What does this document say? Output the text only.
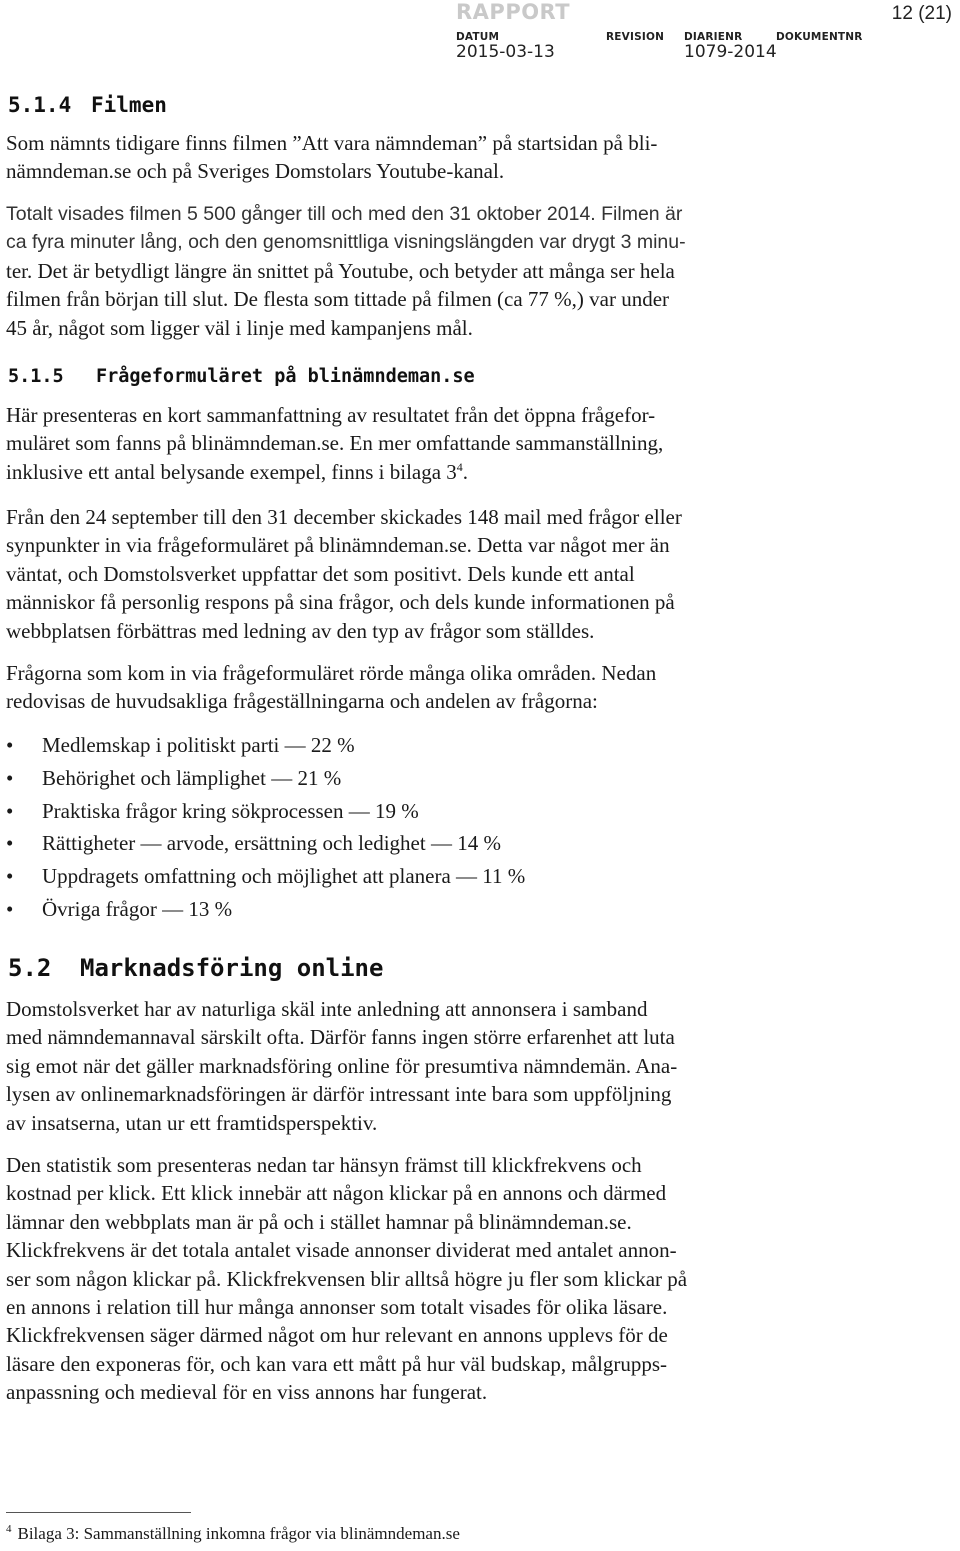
RAPPORT	12 (21)
DATUM	REVISION DIARIENR	DOKUMENTNR
2015-03-13	1079-2014
5.1.4 Filmen
Som nämnts tidigare finns filmen ”Att vara nämndeman” på startsidan på bli-
nämndeman.se och på Sveriges Domstolars Youtube-kanal.
Totalt visades filmen 5 500 gånger till och med den 31 oktober 2014. Filmen är
ca fyra minuter lång, och den genomsnittliga visningslängden var drygt 3 minu-
ter. Det är betydligt längre än snittet på Youtube, och betyder att många ser hela
filmen från början till slut. De flesta som tittade på filmen (ca 77 %,) var under
45 år, något som ligger väl i linje med kampanjens mål.
5.1.5 Frågeformuläret på blinämndeman.se
Här presenteras en kort sammanfattning av resultatet från det öppna frågefor-
muläret som fanns på blinämndeman.se. En mer omfattande sammanställning,
inklusive ett antal belysande exempel, finns i bilaga $3^4$.
Från den 24 september till den 31 december skickades 148 mail med frågor eller
synpunkter in via frågeformuläret på blinämndeman.se. Detta var något mer än
väntat, och Domstolsverket uppfattar det som positivt. Dels kunde ett antal
människor få personlig respons på sina frågor, och dels kunde informationen på
webbplatsen förbättras med ledning av den typ av frågor som ställdes.
Frågorna som kom in via frågeformuläret rörde många olika områden. Nedan
redovisas de huvudsakliga frågeställningarna och andelen av frågorna:
• Medlemskap i politiskt parti — 22 %
• Behörighet och lämplighet — 21 %
• Praktiska frågor kring sökprocessen — 19 %
• Rättigheter — arvode, ersättning och ledighet — 14 %
• Uppdragets omfattning och möjlighet att planera — 11 %
• Övriga frågor — 13 %
5.2 Marknadsföring online
Domstolsverket har av naturliga skäl inte anledning att annonsera i samband
med nämndemannaval särskilt ofta. Därför fanns ingen större erfarenhet att luta
sig emot när det gäller marknadsföring online för presumtiva nämndemän. Ana-
lysen av onlinemarknadsföringen är därför intressant inte bara som uppföljning
av insatserna, utan ur ett framtidsperspektiv.
Den statistik som presenteras nedan tar hänsyn främst till klickfrekvens och
kostnad per klick. Ett klick innebär att någon klickar på en annons och därmed
lämnar den webbplats man är på och i stället hamnar på blinämndeman.se.
Klickfrekvens är det totala antalet visade annonser dividerat med antalet annon-
ser som någon klickar på. Klickfrekvensen blir alltså högre ju fler som klickar på
en annons i relation till hur många annonser som totalt visades för olika läsare.
Klickfrekvensen säger därmed något om hur relevant en annons upplevs för de
läsare den exponeras för, och kan vara ett mått på hur väl budskap, målgrupps-
anpassning och medieval för en viss annons har fungerat.
$^4$ Bilaga 3: Sammanställning inkomna frågor via blinämndeman.se
